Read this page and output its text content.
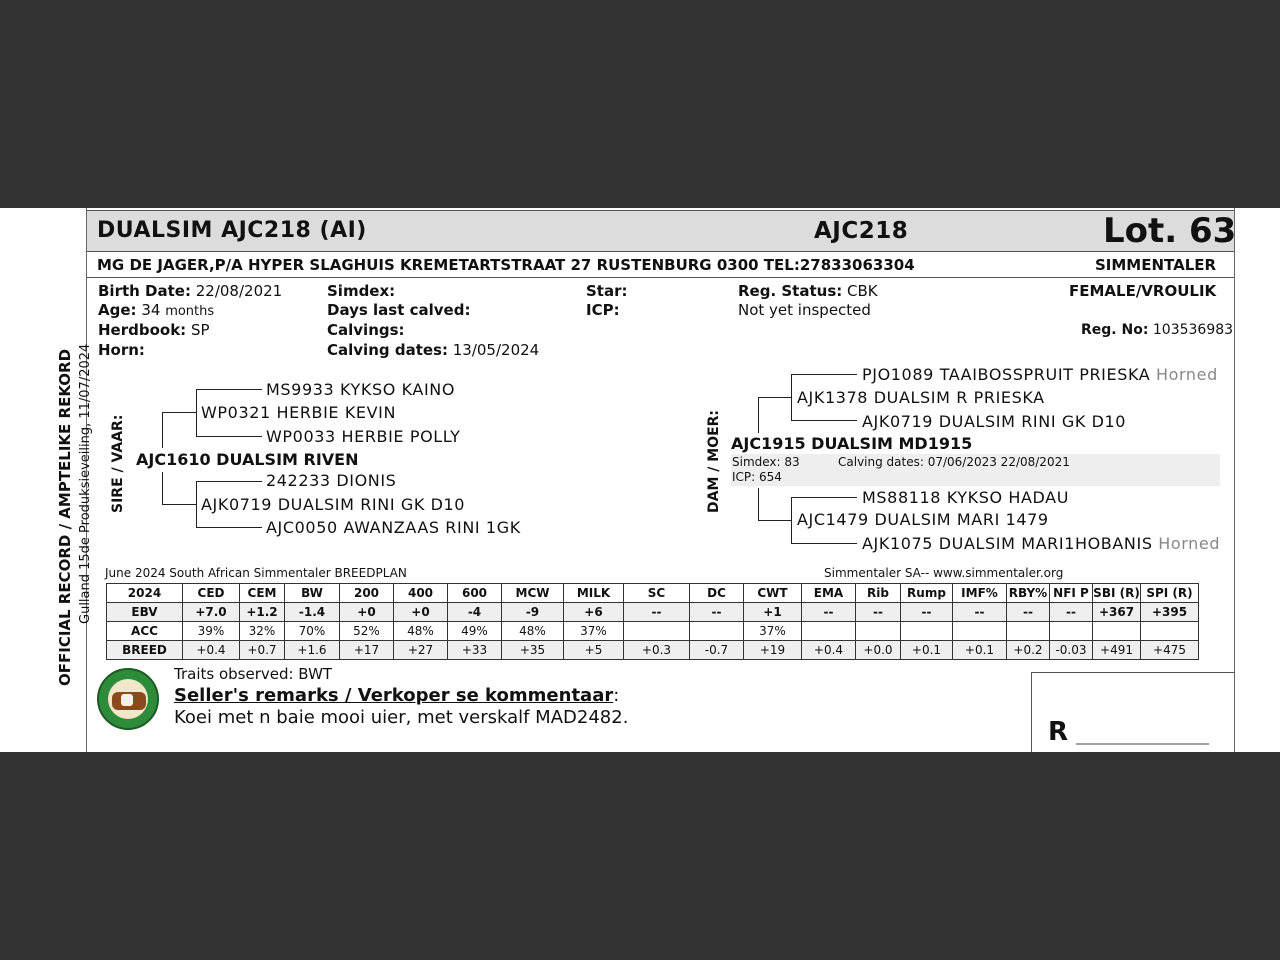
DUALSIM AJC218 (AI)	AJC218	Lot. 63
MG DE JAGER,P/A HYPER SLAGHUIS KREMETARTSTRAAT 27 RUSTENBURG 0300 TEL:27833063304	SIMMENTALER
OFFICIAL RECORD / AMPTELIKE REKORD Gulland 15de Produksieveiling, 11/07/2024
Birth Date: 22/08/2021
Age: 34 months
Herdbook: SP
Horn:
Simdex:
Days last calved:
Calvings:
Calving dates: 13/05/2024
Star:
ICP:
Reg. Status: CBK
Not yet inspected
FEMALE/VROULIK
Reg. No: 103536983
SIRE / VAAR:
MS9933 KYKSO KAINO
WP0321 HERBIE KEVIN
WP0033 HERBIE POLLY
AJC1610 DUALSIM RIVEN
242233 DIONIS
AJK0719 DUALSIM RINI GK D10
AJC0050 AWANZAAS RINI 1GK
DAM / MOER:
PJO1089 TAAIBOSSPRUIT PRIESKA Horned
AJK1378 DUALSIM R PRIESKA
AJK0719 DUALSIM RINI GK D10
AJC1915 DUALSIM MD1915
Simdex: 83	Calving dates: 07/06/2023 22/08/2021
ICP: 654
MS88118 KYKSO HADAU
AJC1479 DUALSIM MARI 1479
AJK1075 DUALSIM MARI1HOBANIS Horned
June 2024 South African Simmentaler BREEDPLAN	Simmentaler SA-- www.simmentaler.org
2024	CED	CEM	BW	200	400	600	MCW	MILK	SC	DC	CWT	EMA	Rib	Rump	IMF%	RBY%	NFI P	SBI (R)	SPI (R)
EBV	+7.0	+1.2	-1.4	+0	+0	-4	-9	+6	--	--	+1	--	--	--	--	--	--	+367	+395
ACC	39%	32%	70%	52%	48%	49%	48%	37%			37%								
BREED	+0.4	+0.7	+1.6	+17	+27	+33	+35	+5	+0.3	-0.7	+19	+0.4	+0.0	+0.1	+0.1	+0.2	-0.03	+491	+475
Traits observed: BWT
Seller's remarks / Verkoper se kommentaar:
Koei met n baie mooi uier, met verskalf MAD2482.	R ___________________
